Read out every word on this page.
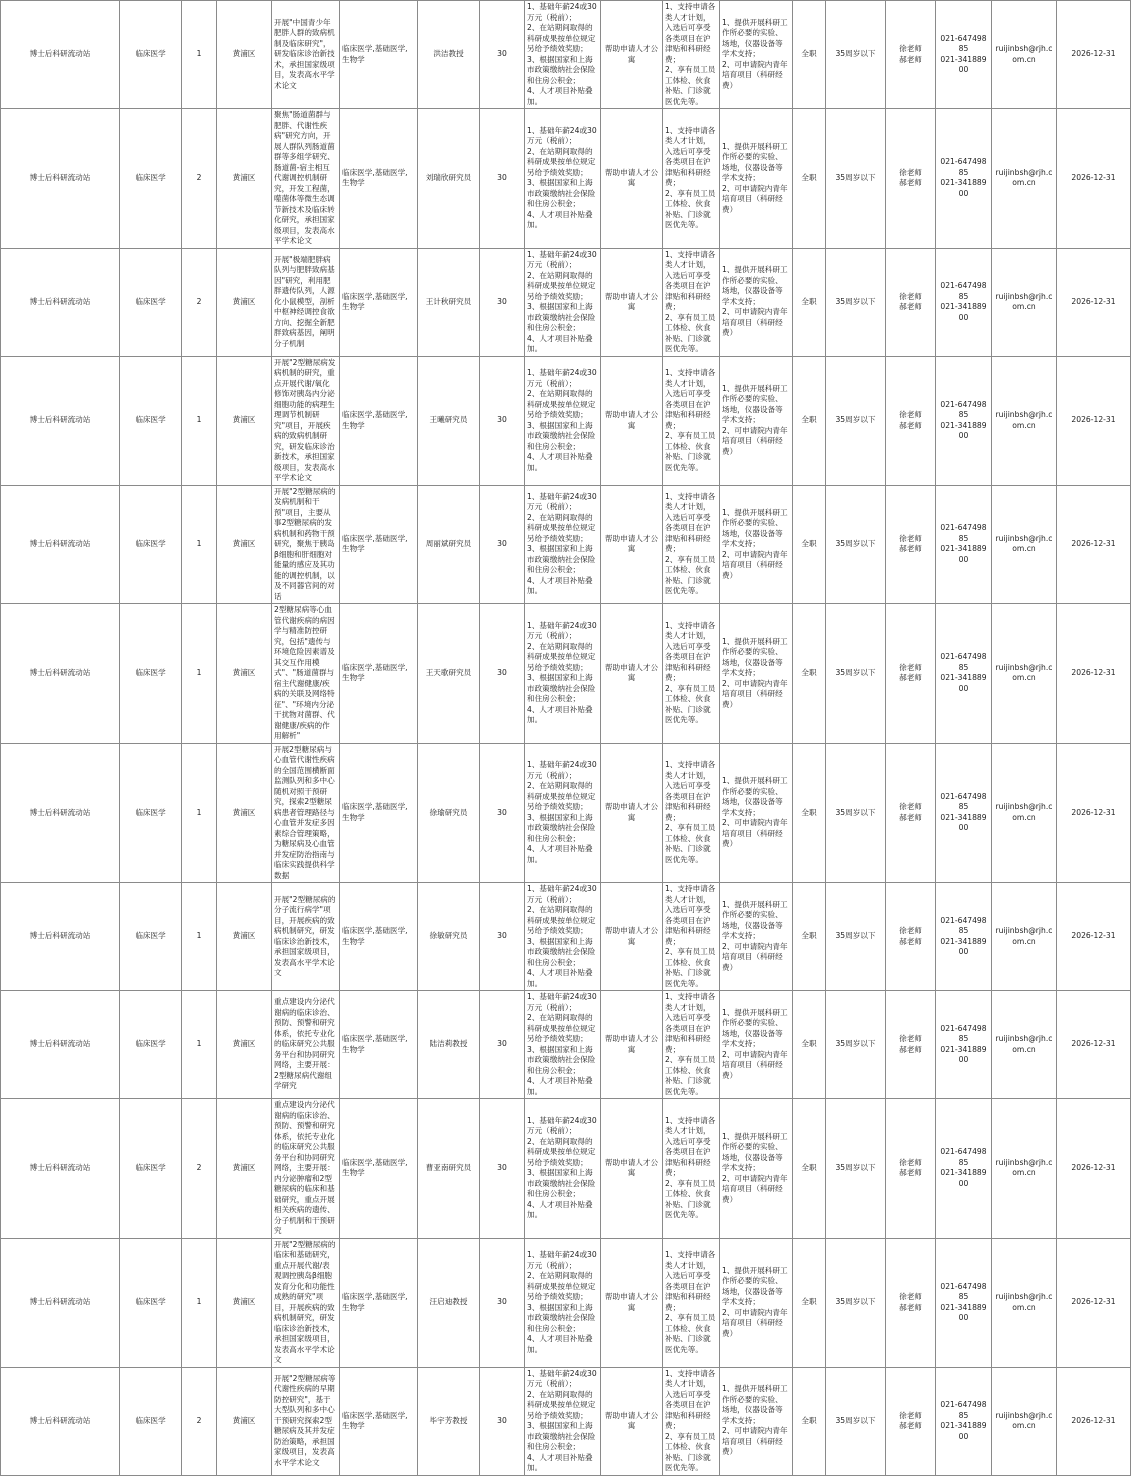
博士后科研流动站	临床医学	1	黄浦区	开展"中国青少年肥胖人群的致病机制及临床研究"，研发临床诊治新技术，承担国家级项目，发表高水平学术论文	临床医学,基础医学,生物学	洪洁教授	30	1、基础年薪24或30万元（税前）；
2、在站期间取得的科研成果按单位规定另给予绩效奖励；
3、根据国家和上海市政策缴纳社会保险和住房公积金；
4、人才项目补贴叠加。	帮助申请人才公寓	1、支持申请各类人才计划，入选后可享受各类项目在沪津贴和科研经费；
2、享有员工员工体检、伙食补贴、门诊就医优先等。	1、提供开展科研工作所必要的实验、场地，仪器设备等学术支持；
2、可申请院内青年培育项目（科研经费）	全职	35周岁以下	徐老师
郝老师	021-64749885
021-34188900	ruijinbsh@rjh.com.cn	2026-12-31

博士后科研流动站	临床医学	2	黄浦区	聚焦"肠道菌群与肥胖、代谢性疾病"研究方向，开展人群队列肠道菌群等多组学研究、肠道菌-宿主相互代谢调控机制研究，开发工程菌，噬菌体等微生态调节新技术及临床转化研究，承担国家级项目，发表高水平学术论文	临床医学,基础医学,生物学	刘瑞欣研究员	30	1、基础年薪24或30万元（税前）；
2、在站期间取得的科研成果按单位规定另给予绩效奖励；
3、根据国家和上海市政策缴纳社会保险和住房公积金；
4、人才项目补贴叠加。	帮助申请人才公寓	1、支持申请各类人才计划，入选后可享受各类项目在沪津贴和科研经费；
2、享有员工员工体检、伙食补贴、门诊就医优先等。	1、提供开展科研工作所必要的实验、场地，仪器设备等学术支持；
2、可申请院内青年培育项目（科研经费）	全职	35周岁以下	徐老师
郝老师	021-64749885
021-34188900	ruijinbsh@rjh.com.cn	2026-12-31

博士后科研流动站	临床医学	2	黄浦区	开展"极端肥胖病队列与肥胖致病基因"研究，利用肥胖遗传队列，人源化小鼠模型，剖析中枢神经调控食欲方向、挖掘全新肥胖致病基因，阐明分子机制	临床医学,基础医学,生物学	王计秋研究员	30	1、基础年薪24或30万元（税前）；
2、在站期间取得的科研成果按单位规定另给予绩效奖励；
3、根据国家和上海市政策缴纳社会保险和住房公积金；
4、人才项目补贴叠加。	帮助申请人才公寓	1、支持申请各类人才计划，入选后可享受各类项目在沪津贴和科研经费；
2、享有员工员工体检、伙食补贴、门诊就医优先等。	1、提供开展科研工作所必要的实验、场地，仪器设备等学术支持；
2、可申请院内青年培育项目（科研经费）	全职	35周岁以下	徐老师
郝老师	021-64749885
021-34188900	ruijinbsh@rjh.com.cn	2026-12-31

博士后科研流动站	临床医学	1	黄浦区	开展"2型糖尿病发病机制的研究，重点开展代谢/氧化修饰对胰岛内分泌细胞功能的病理生理调节机制研究"项目，开展疾病的致病机制研究，研发临床诊治新技术，承担国家级项目，发表高水平学术论文	临床医学,基础医学,生物学	王曦研究员	30	1、基础年薪24或30万元（税前）；
2、在站期间取得的科研成果按单位规定另给予绩效奖励；
3、根据国家和上海市政策缴纳社会保险和住房公积金；
4、人才项目补贴叠加。	帮助申请人才公寓	1、支持申请各类人才计划，入选后可享受各类项目在沪津贴和科研经费；
2、享有员工员工体检、伙食补贴、门诊就医优先等。	1、提供开展科研工作所必要的实验、场地，仪器设备等学术支持；
2、可申请院内青年培育项目（科研经费）	全职	35周岁以下	徐老师
郝老师	021-64749885
021-34188900	ruijinbsh@rjh.com.cn	2026-12-31

博士后科研流动站	临床医学	1	黄浦区	开展"2型糖尿病的发病机制和干预"项目，主要从事2型糖尿病的发病机制和药物干预研究，聚焦于胰岛β细胞和肝细胞对能量的感应及其功能的调控机制，以及不同器官间的对话	临床医学,基础医学,生物学	周丽斌研究员	30	1、基础年薪24或30万元（税前）；
2、在站期间取得的科研成果按单位规定另给予绩效奖励；
3、根据国家和上海市政策缴纳社会保险和住房公积金；
4、人才项目补贴叠加。	帮助申请人才公寓	1、支持申请各类人才计划，入选后可享受各类项目在沪津贴和科研经费；
2、享有员工员工体检、伙食补贴、门诊就医优先等。	1、提供开展科研工作所必要的实验、场地，仪器设备等学术支持；
2、可申请院内青年培育项目（科研经费）	全职	35周岁以下	徐老师
郝老师	021-64749885
021-34188900	ruijinbsh@rjh.com.cn	2026-12-31

博士后科研流动站	临床医学	1	黄浦区	2型糖尿病等心血管代谢疾病的病因学与精准防控研究，包括"遗传与环境危险因素谱及其交互作用模式"、"肠道菌群与宿主代谢健康/疾病的关联及网络特征"、"环境内分泌干扰物对菌群、代谢健康/疾病的作用解析"	临床医学,基础医学,生物学	王天歌研究员	30	1、基础年薪24或30万元（税前）；
2、在站期间取得的科研成果按单位规定另给予绩效奖励；
3、根据国家和上海市政策缴纳社会保险和住房公积金；
4、人才项目补贴叠加。	帮助申请人才公寓	1、支持申请各类人才计划，入选后可享受各类项目在沪津贴和科研经费；
2、享有员工员工体检、伙食补贴、门诊就医优先等。	1、提供开展科研工作所必要的实验、场地，仪器设备等学术支持；
2、可申请院内青年培育项目（科研经费）	全职	35周岁以下	徐老师
郝老师	021-64749885
021-34188900	ruijinbsh@rjh.com.cn	2026-12-31

博士后科研流动站	临床医学	1	黄浦区	开展2型糖尿病与心血管代谢性疾病的全国范围横断面监测队列和多中心随机对照干预研究，探索2型糖尿病患者管理路径与心血管并发症多因素综合管理策略，为糖尿病及心血管并发症防治指南与临床实践提供科学数据	临床医学,基础医学,生物学	徐瑜研究员	30	1、基础年薪24或30万元（税前）；
2、在站期间取得的科研成果按单位规定另给予绩效奖励；
3、根据国家和上海市政策缴纳社会保险和住房公积金；
4、人才项目补贴叠加。	帮助申请人才公寓	1、支持申请各类人才计划，入选后可享受各类项目在沪津贴和科研经费；
2、享有员工员工体检、伙食补贴、门诊就医优先等。	1、提供开展科研工作所必要的实验、场地，仪器设备等学术支持；
2、可申请院内青年培育项目（科研经费）	全职	35周岁以下	徐老师
郝老师	021-64749885
021-34188900	ruijinbsh@rjh.com.cn	2026-12-31

博士后科研流动站	临床医学	1	黄浦区	开展"2型糖尿病的分子流行病学"项目，开展疾病的致病机制研究，研发临床诊治新技术，承担国家级项目，发表高水平学术论文	临床医学,基础医学,生物学	徐敏研究员	30	1、基础年薪24或30万元（税前）；
2、在站期间取得的科研成果按单位规定另给予绩效奖励；
3、根据国家和上海市政策缴纳社会保险和住房公积金；
4、人才项目补贴叠加。	帮助申请人才公寓	1、支持申请各类人才计划，入选后可享受各类项目在沪津贴和科研经费；
2、享有员工员工体检、伙食补贴、门诊就医优先等。	1、提供开展科研工作所必要的实验、场地，仪器设备等学术支持；
2、可申请院内青年培育项目（科研经费）	全职	35周岁以下	徐老师
郝老师	021-64749885
021-34188900	ruijinbsh@rjh.com.cn	2026-12-31

博士后科研流动站	临床医学	1	黄浦区	重点建设内分泌代谢病的临床诊治、预防、预警和研究体系，依托专业化的临床研究公共服务平台和协同研究网络，主要开展：2型糖尿病代谢组学研究	临床医学,基础医学,生物学	陆洁莉教授	30	1、基础年薪24或30万元（税前）；
2、在站期间取得的科研成果按单位规定另给予绩效奖励；
3、根据国家和上海市政策缴纳社会保险和住房公积金；
4、人才项目补贴叠加。	帮助申请人才公寓	1、支持申请各类人才计划，入选后可享受各类项目在沪津贴和科研经费；
2、享有员工员工体检、伙食补贴、门诊就医优先等。	1、提供开展科研工作所必要的实验、场地，仪器设备等学术支持；
2、可申请院内青年培育项目（科研经费）	全职	35周岁以下	徐老师
郝老师	021-64749885
021-34188900	ruijinbsh@rjh.com.cn	2026-12-31

博士后科研流动站	临床医学	2	黄浦区	重点建设内分泌代谢病的临床诊治、预防、预警和研究体系，依托专业化的临床研究公共服务平台和协同研究网络，主要开展：内分泌肿瘤和2型糖尿病的临床和基础研究，重点开展相关疾病的遗传、分子机制和干预研究	临床医学,基础医学,生物学	曹亚南研究员	30	1、基础年薪24或30万元（税前）；
2、在站期间取得的科研成果按单位规定另给予绩效奖励；
3、根据国家和上海市政策缴纳社会保险和住房公积金；
4、人才项目补贴叠加。	帮助申请人才公寓	1、支持申请各类人才计划，入选后可享受各类项目在沪津贴和科研经费；
2、享有员工员工体检、伙食补贴、门诊就医优先等。	1、提供开展科研工作所必要的实验、场地，仪器设备等学术支持；
2、可申请院内青年培育项目（科研经费）	全职	35周岁以下	徐老师
郝老师	021-64749885
021-34188900	ruijinbsh@rjh.com.cn	2026-12-31

博士后科研流动站	临床医学	1	黄浦区	开展"2型糖尿病的临床和基础研究，重点开展代谢/表观调控胰岛β细胞发育分化和功能性成熟的研究"项目，开展疾病的致病机制研究，研发临床诊治新技术，承担国家级项目，发表高水平学术论文	临床医学,基础医学,生物学	汪启迪教授	30	1、基础年薪24或30万元（税前）；
2、在站期间取得的科研成果按单位规定另给予绩效奖励；
3、根据国家和上海市政策缴纳社会保险和住房公积金；
4、人才项目补贴叠加。	帮助申请人才公寓	1、支持申请各类人才计划，入选后可享受各类项目在沪津贴和科研经费；
2、享有员工员工体检、伙食补贴、门诊就医优先等。	1、提供开展科研工作所必要的实验、场地，仪器设备等学术支持；
2、可申请院内青年培育项目（科研经费）	全职	35周岁以下	徐老师
郝老师	021-64749885
021-34188900	ruijinbsh@rjh.com.cn	2026-12-31

博士后科研流动站	临床医学	2	黄浦区	开展"2型糖尿病等代谢性疾病的早期防控研究"，基于大型队列和多中心干预研究探索2型糖尿病及其并发症防治策略，承担国家级项目，发表高水平学术论文	临床医学,基础医学,生物学	毕宇芳教授	30	1、基础年薪24或30万元（税前）；
2、在站期间取得的科研成果按单位规定另给予绩效奖励；
3、根据国家和上海市政策缴纳社会保险和住房公积金；
4、人才项目补贴叠加。	帮助申请人才公寓	1、支持申请各类人才计划，入选后可享受各类项目在沪津贴和科研经费；
2、享有员工员工体检、伙食补贴、门诊就医优先等。	1、提供开展科研工作所必要的实验、场地，仪器设备等学术支持；
2、可申请院内青年培育项目（科研经费）	全职	35周岁以下	徐老师
郝老师	021-64749885
021-34188900	ruijinbsh@rjh.com.cn	2026-12-31
